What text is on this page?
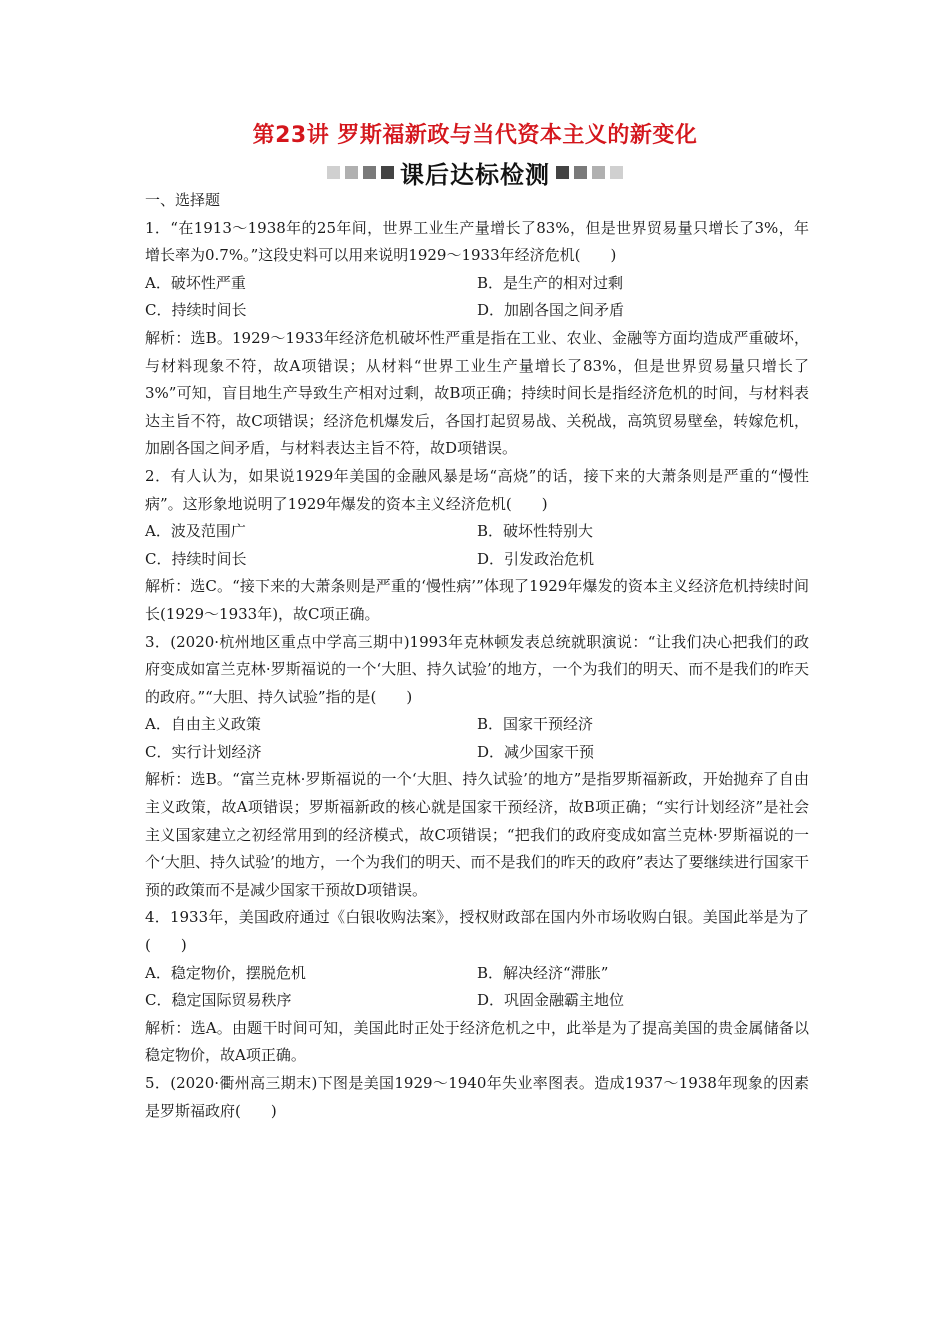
第23讲 罗斯福新政与当代资本主义的新变化
课后达标检测
一、选择题
1．“在1913～1938年的25年间，世界工业生产量增长了83%，但是世界贸易量只增长了3%，年增长率为0.7%。”这段史料可以用来说明1929～1933年经济危机(　　)
A．破坏性严重	B．是生产的相对过剩
C．持续时间长	D．加剧各国之间矛盾
解析：选B。1929～1933年经济危机破坏性严重是指在工业、农业、金融等方面均造成严重破坏，与材料现象不符，故A项错误；从材料“世界工业生产量增长了83%，但是世界贸易量只增长了3%”可知，盲目地生产导致生产相对过剩，故B项正确；持续时间长是指经济危机的时间，与材料表达主旨不符，故C项错误；经济危机爆发后，各国打起贸易战、关税战，高筑贸易壁垒，转嫁危机，加剧各国之间矛盾，与材料表达主旨不符，故D项错误。
2．有人认为，如果说1929年美国的金融风暴是场“高烧”的话，接下来的大萧条则是严重的“慢性病”。这形象地说明了1929年爆发的资本主义经济危机(　　)
A．波及范围广	B．破坏性特别大
C．持续时间长	D．引发政治危机
解析：选C。“接下来的大萧条则是严重的‘慢性病’”体现了1929年爆发的资本主义经济危机持续时间长(1929～1933年)，故C项正确。
3．(2020·杭州地区重点中学高三期中)1993年克林顿发表总统就职演说：“让我们决心把我们的政府变成如富兰克林·罗斯福说的一个‘大胆、持久试验’的地方，一个为我们的明天、而不是我们的昨天的政府。”“大胆、持久试验”指的是(　　)
A．自由主义政策	B．国家干预经济
C．实行计划经济	D．减少国家干预
解析：选B。“富兰克林·罗斯福说的一个‘大胆、持久试验’的地方”是指罗斯福新政，开始抛弃了自由主义政策，故A项错误；罗斯福新政的核心就是国家干预经济，故B项正确；“实行计划经济”是社会主义国家建立之初经常用到的经济模式，故C项错误；“把我们的政府变成如富兰克林·罗斯福说的一个‘大胆、持久试验’的地方，一个为我们的明天、而不是我们的昨天的政府”表达了要继续进行国家干预的政策而不是减少国家干预故D项错误。
4．1933年，美国政府通过《白银收购法案》，授权财政部在国内外市场收购白银。美国此举是为了(　　)
A．稳定物价，摆脱危机	B．解决经济“滞胀”
C．稳定国际贸易秩序	D．巩固金融霸主地位
解析：选A。由题干时间可知，美国此时正处于经济危机之中，此举是为了提高美国的贵金属储备以稳定物价，故A项正确。
5．(2020·衢州高三期末)下图是美国1929～1940年失业率图表。造成1937～1938年现象的因素是罗斯福政府(　　)
